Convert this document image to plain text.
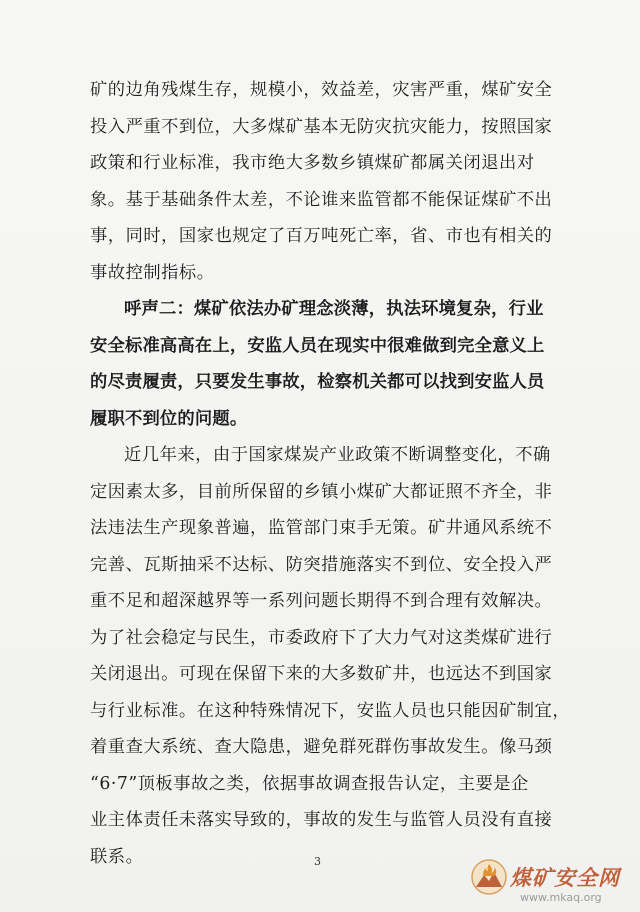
矿的边角残煤生存，规模小，效益差，灾害严重，煤矿安全
投入严重不到位，大多煤矿基本无防灾抗灾能力，按照国家
政策和行业标准，我市绝大多数乡镇煤矿都属关闭退出对
象。基于基础条件太差，不论谁来监管都不能保证煤矿不出
事，同时，国家也规定了百万吨死亡率，省、市也有相关的
事故控制指标。
呼声二：煤矿依法办矿理念淡薄，执法环境复杂，行业
安全标准高高在上，安监人员在现实中很难做到完全意义上
的尽责履责，只要发生事故，检察机关都可以找到安监人员
履职不到位的问题。
近几年来，由于国家煤炭产业政策不断调整变化，不确
定因素太多，目前所保留的乡镇小煤矿大都证照不齐全，非
法违法生产现象普遍，监管部门束手无策。矿井通风系统不
完善、瓦斯抽采不达标、防突措施落实不到位、安全投入严
重不足和超深越界等一系列问题长期得不到合理有效解决。
为了社会稳定与民生，市委政府下了大力气对这类煤矿进行
关闭退出。可现在保留下来的大多数矿井，也远达不到国家
与行业标准。在这种特殊情况下，安监人员也只能因矿制宜，
着重查大系统、查大隐患，避免群死群伤事故发生。像马颈
“6·7”顶板事故之类，依据事故调查报告认定，主要是企
业主体责任未落实导致的，事故的发生与监管人员没有直接
联系。	3
煤矿安全网
www.mkaq.org
